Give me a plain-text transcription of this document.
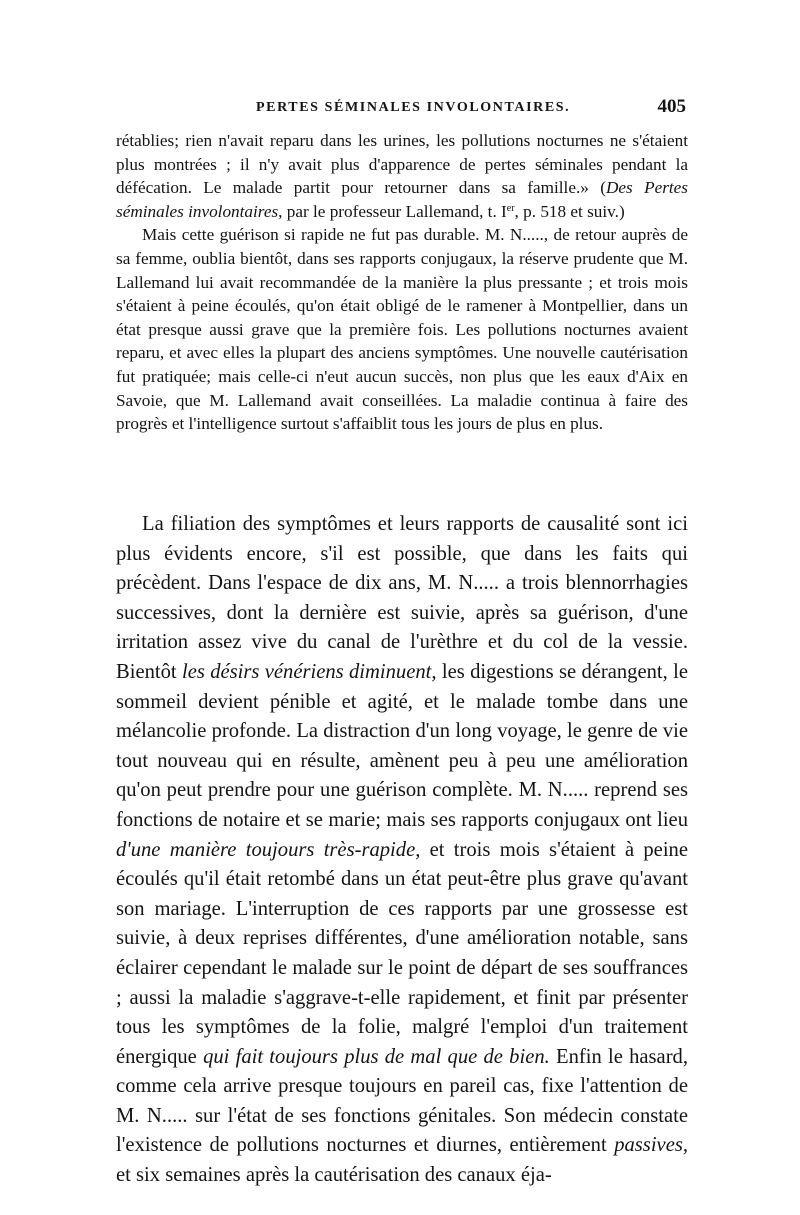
PERTES SÉMINALES INVOLONTAIRES.	405

rétablies; rien n'avait reparu dans les urines, les pollutions nocturnes ne s'étaient plus montrées ; il n'y avait plus d'apparence de pertes séminales pendant la défécation. Le malade partit pour retourner dans sa famille.» (Des Pertes séminales involontaires, par le professeur Lallemand, t. Ier, p. 518 et suiv.)

Mais cette guérison si rapide ne fut pas durable. M. N....., de retour auprès de sa femme, oublia bientôt, dans ses rapports conjugaux, la réserve prudente que M. Lallemand lui avait recommandée de la manière la plus pressante ; et trois mois s'étaient à peine écoulés, qu'on était obligé de le ramener à Montpellier, dans un état presque aussi grave que la première fois. Les pollutions nocturnes avaient reparu, et avec elles la plupart des anciens symptômes. Une nouvelle cautérisation fut pratiquée; mais celle-ci n'eut aucun succès, non plus que les eaux d'Aix en Savoie, que M. Lallemand avait conseillées. La maladie continua à faire des progrès et l'intelligence surtout s'affaiblit tous les jours de plus en plus.

La filiation des symptômes et leurs rapports de causalité sont ici plus évidents encore, s'il est possible, que dans les faits qui précèdent. Dans l'espace de dix ans, M. N..... a trois blennorrhagies successives, dont la dernière est suivie, après sa guérison, d'une irritation assez vive du canal de l'urèthre et du col de la vessie. Bientôt les désirs vénériens diminuent, les digestions se dérangent, le sommeil devient pénible et agité, et le malade tombe dans une mélancolie profonde. La distraction d'un long voyage, le genre de vie tout nouveau qui en résulte, amènent peu à peu une amélioration qu'on peut prendre pour une guérison complète. M. N..... reprend ses fonctions de notaire et se marie; mais ses rapports conjugaux ont lieu d'une manière toujours très-rapide, et trois mois s'étaient à peine écoulés qu'il était retombé dans un état peut-être plus grave qu'avant son mariage. L'interruption de ces rapports par une grossesse est suivie, à deux reprises différentes, d'une amélioration notable, sans éclairer cependant le malade sur le point de départ de ses souffrances ; aussi la maladie s'aggrave-t-elle rapidement, et finit par présenter tous les symptômes de la folie, malgré l'emploi d'un traitement énergique qui fait toujours plus de mal que de bien. Enfin le hasard, comme cela arrive presque toujours en pareil cas, fixe l'attention de M. N..... sur l'état de ses fonctions génitales. Son médecin constate l'existence de pollutions nocturnes et diurnes, entièrement passives, et six semaines après la cautérisation des canaux éja-
